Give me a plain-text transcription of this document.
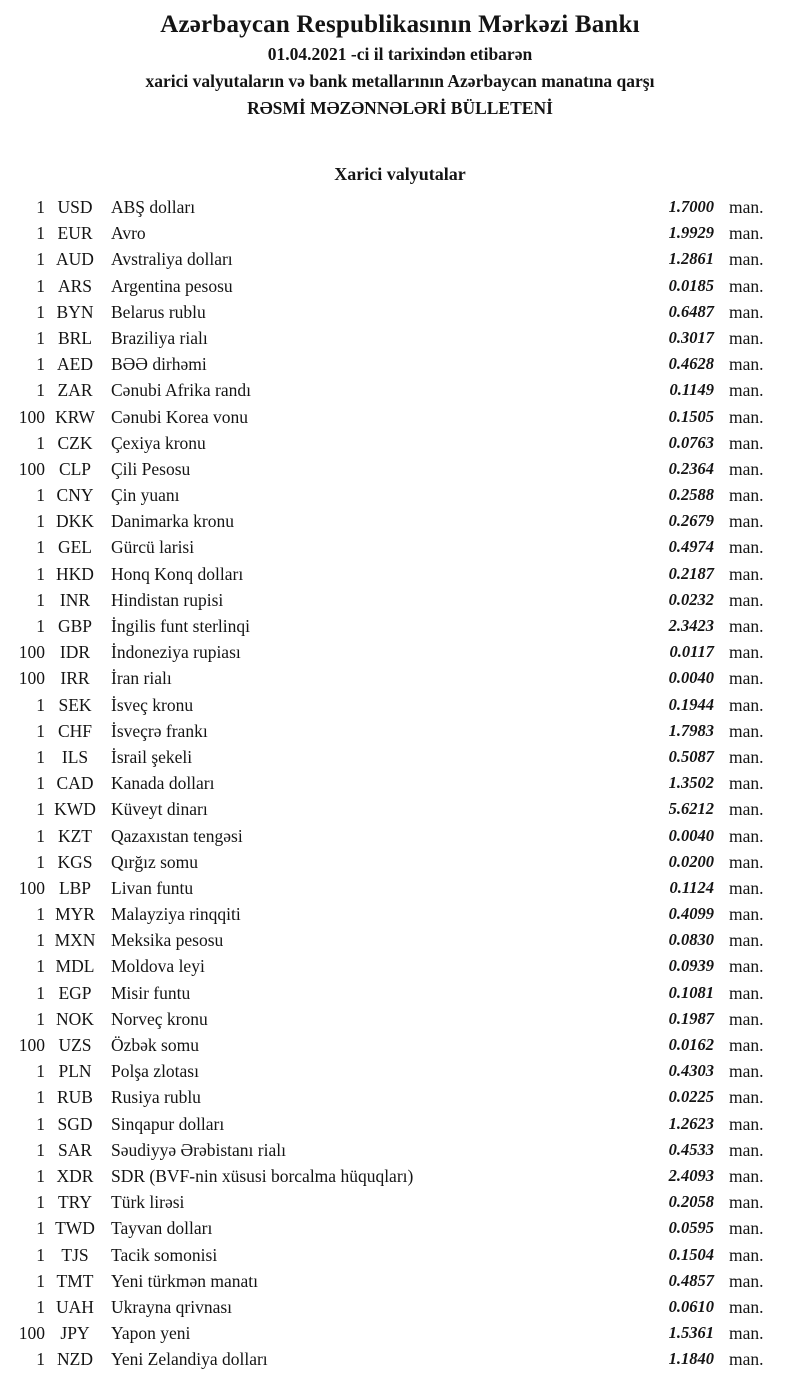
Azərbaycan Respublikasının Mərkəzi Bankı
01.04.2021 -ci il tarixindən etibarən
xarici valyutaların və bank metallarının Azərbaycan manatına qarşı
RƏSMİ MƏZƏNNƏLƏRİ BÜLLETENİ
Xarici valyutalar
1 USD	ABŞ dolları	1.7000 man.
1 EUR	Avro	1.9929 man.
1 AUD Avstraliya dolları	1.2861 man.
1 ARS	Argentina pesosu	0.0185 man.
1 BYN	Belarus rublu	0.6487 man.
1 BRL	Braziliya rialı	0.3017 man.
1 AED	BƏƏ dirhəmi	0.4628 man.
1 ZAR	Cənubi Afrika randı	0.1149 man.
100 KRW Cənubi Korea vonu	0.1505 man.
1 CZK	Çexiya kronu	0.0763 man.
100 CLP	Çili Pesosu	0.2364 man.
1 CNY	Çin yuanı	0.2588 man.
1 DKK Danimarka kronu	0.2679 man.
1 GEL	Gürcü larisi	0.4974 man.
1 HKD Honq Konq dolları	0.2187 man.
1 INR	Hindistan rupisi	0.0232 man.
1 GBP	İngilis funt sterlinqi	2.3423 man.
100 IDR	İndoneziya rupiası	0.0117 man.
100 IRR	İran rialı	0.0040 man.
1 SEK	İsveç kronu	0.1944 man.
1 CHF	İsveçrə frankı	1.7983 man.
1 ILS	İsrail şekeli	0.5087 man.
1 CAD	Kanada dolları	1.3502 man.
1 KWD Küveyt dinarı	5.6212 man.
1 KZT	Qazaxıstan tengəsi	0.0040 man.
1 KGS	Qırğız somu	0.0200 man.
100 LBP	Livan funtu	0.1124 man.
1 MYR Malayziya rinqqiti	0.4099 man.
1 MXN Meksika pesosu	0.0830 man.
1 MDL Moldova leyi	0.0939 man.
1 EGP	Misir funtu	0.1081 man.
1 NOK Norveç kronu	0.1987 man.
100 UZS	Özbək somu	0.0162 man.
1 PLN	Polşa zlotası	0.4303 man.
1 RUB	Rusiya rublu	0.0225 man.
1 SGD	Sinqapur dolları	1.2623 man.
1 SAR	Səudiyyə Ərəbistanı rialı	0.4533 man.
1 XDR	SDR (BVF-nin xüsusi borcalma hüquqları)	2.4093 man.
1 TRY	Türk lirəsi	0.2058 man.
1 TWD Tayvan dolları	0.0595 man.
1 TJS	Tacik somonisi	0.1504 man.
1 TMT	Yeni türkmən manatı	0.4857 man.
1 UAH Ukrayna qrivnası	0.0610 man.
100 JPY	Yapon yeni	1.5361 man.
1 NZD	Yeni Zelandiya dolları	1.1840 man.
